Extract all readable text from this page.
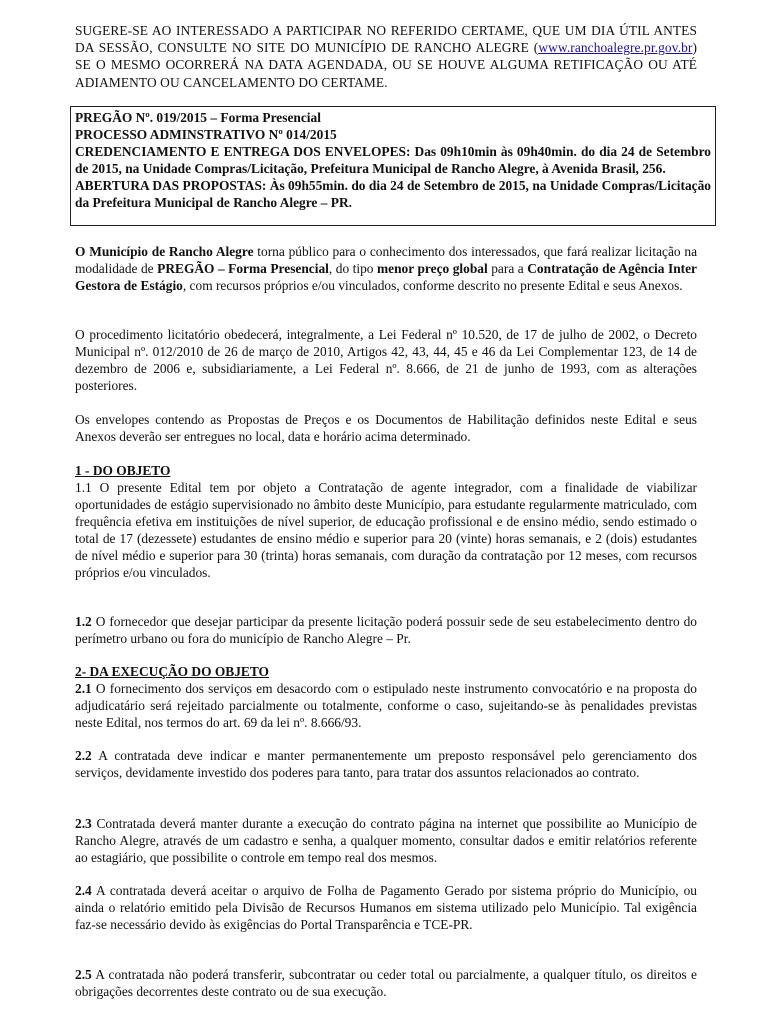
SUGERE-SE AO INTERESSADO A PARTICIPAR NO REFERIDO CERTAME, QUE UM DIA ÚTIL ANTES DA SESSÃO, CONSULTE NO SITE DO MUNICÍPIO DE RANCHO ALEGRE (www.ranchoalegre.pr.gov.br) SE O MESMO OCORRERÁ NA DATA AGENDADA, OU SE HOUVE ALGUMA RETIFICAÇÃO OU ATÉ ADIAMENTO OU CANCELAMENTO DO CERTAME.
PREGÃO Nº. 019/2015 – Forma Presencial
PROCESSO ADMINSTRATIVO Nº 014/2015
CREDENCIAMENTO E ENTREGA DOS ENVELOPES: Das 09h10min às 09h40min. do dia 24 de Setembro de 2015, na Unidade Compras/Licitação, Prefeitura Municipal de Rancho Alegre, à Avenida Brasil, 256.
ABERTURA DAS PROPOSTAS: Às 09h55min. do dia 24 de Setembro de 2015, na Unidade Compras/Licitação da Prefeitura Municipal de Rancho Alegre – PR.
O Município de Rancho Alegre torna público para o conhecimento dos interessados, que fará realizar licitação na modalidade de PREGÃO – Forma Presencial, do tipo menor preço global para a Contratação de Agência Inter Gestora de Estágio, com recursos próprios e/ou vinculados, conforme descrito no presente Edital e seus Anexos.
O procedimento licitatório obedecerá, integralmente, a Lei Federal nº 10.520, de 17 de julho de 2002, o Decreto Municipal nº. 012/2010 de 26 de março de 2010, Artigos 42, 43, 44, 45 e 46 da Lei Complementar 123, de 14 de dezembro de 2006 e, subsidiariamente, a Lei Federal nº. 8.666, de 21 de junho de 1993, com as alterações posteriores.
Os envelopes contendo as Propostas de Preços e os Documentos de Habilitação definidos neste Edital e seus Anexos deverão ser entregues no local, data e horário acima determinado.
1 - DO OBJETO
1.1 O presente Edital tem por objeto a Contratação de agente integrador, com a finalidade de viabilizar oportunidades de estágio supervisionado no âmbito deste Município, para estudante regularmente matriculado, com frequência efetiva em instituições de nível superior, de educação profissional e de ensino médio, sendo estimado o total de 17 (dezessete) estudantes de ensino médio e superior para 20 (vinte) horas semanais, e 2 (dois) estudantes de nível médio e superior para 30 (trinta) horas semanais, com duração da contratação por 12 meses, com recursos próprios e/ou vinculados.
1.2 O fornecedor que desejar participar da presente licitação poderá possuir sede de seu estabelecimento dentro do perímetro urbano ou fora do município de Rancho Alegre – Pr.
2- DA EXECUÇÃO DO OBJETO
2.1 O fornecimento dos serviços em desacordo com o estipulado neste instrumento convocatório e na proposta do adjudicatário será rejeitado parcialmente ou totalmente, conforme o caso, sujeitando-se às penalidades previstas neste Edital, nos termos do art. 69 da lei nº. 8.666/93.
2.2 A contratada deve indicar e manter permanentemente um preposto responsável pelo gerenciamento dos serviços, devidamente investido dos poderes para tanto, para tratar dos assuntos relacionados ao contrato.
2.3 Contratada deverá manter durante a execução do contrato página na internet que possibilite ao Município de Rancho Alegre, através de um cadastro e senha, a qualquer momento, consultar dados e emitir relatórios referente ao estagiário, que possibilite o controle em tempo real dos mesmos.
2.4 A contratada deverá aceitar o arquivo de Folha de Pagamento Gerado por sistema próprio do Município, ou ainda o relatório emitido pela Divisão de Recursos Humanos em sistema utilizado pelo Município. Tal exigência faz-se necessário devido às exigências do Portal Transparência e TCE-PR.
2.5 A contratada não poderá transferir, subcontratar ou ceder total ou parcialmente, a qualquer título, os direitos e obrigações decorrentes deste contrato ou de sua execução.
